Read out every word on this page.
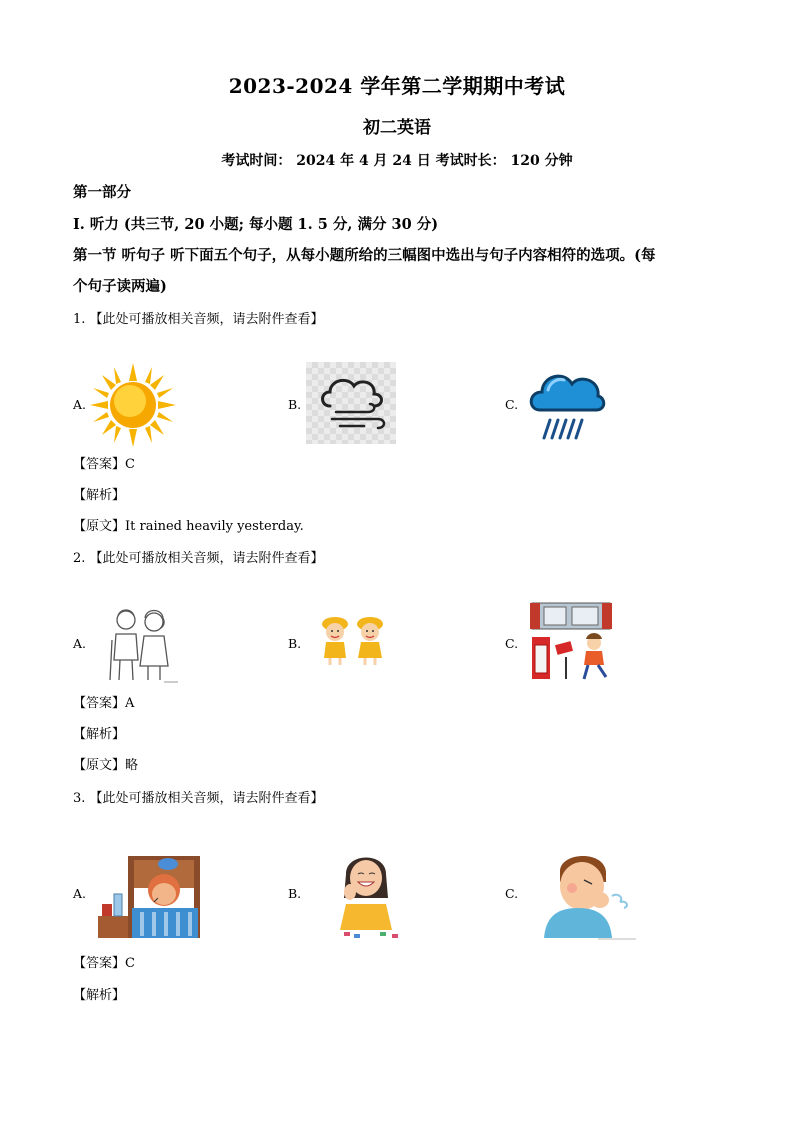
2023-2024 学年第二学期期中考试
初二英语
考试时间： 2024 年 4 月 24 日 考试时长： 120 分钟
第一部分
I. 听力 (共三节, 20 小题; 每小题 1. 5 分, 满分 30 分)
第一节 听句子 听下面五个句子，从每小题所给的三幅图中选出与句子内容相符的选项。(每
个句子读两遍)
1. 【此处可播放相关音频，请去附件查看】
A.	B.	C.
【答案】C
【解析】
【原文】It rained heavily yesterday.
2. 【此处可播放相关音频，请去附件查看】
A.	B.	C.
【答案】A
【解析】
【原文】略
3. 【此处可播放相关音频，请去附件查看】
A.	B.	C.
【答案】C
【解析】
